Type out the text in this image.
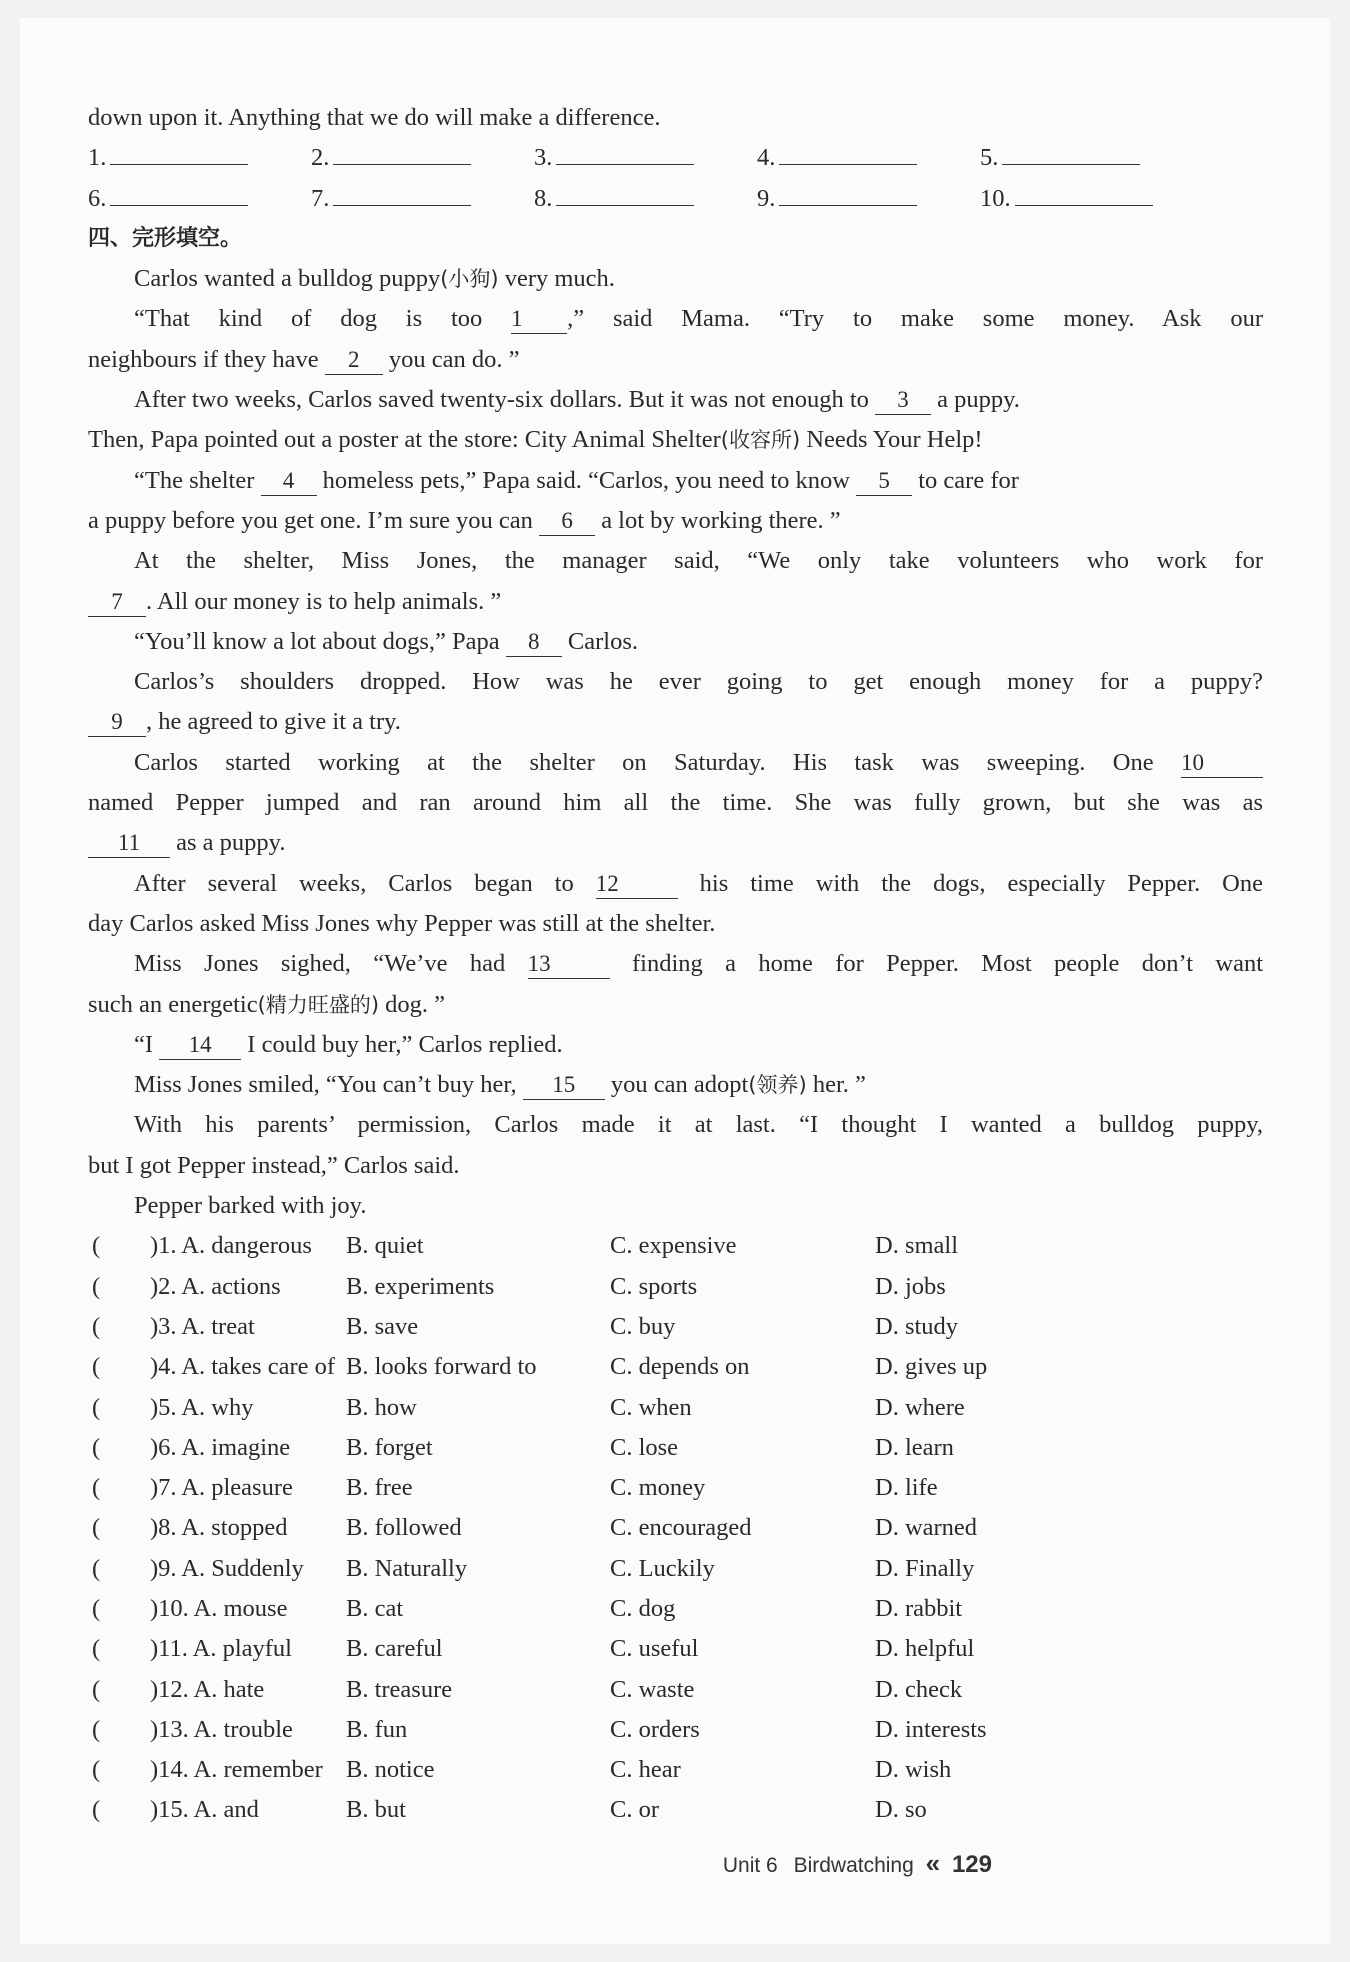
down upon it. Anything that we do will make a difference.
1.	2.	3.	4.	5.
6.	7.	8.	9.	10.
四、完形填空。
Carlos wanted a bulldog puppy(小狗) very much.
“That kind of dog is too 1 ,” said Mama. “Try to make some money. Ask our
neighbours if they have 2 you can do. ”
After two weeks, Carlos saved twenty-six dollars. But it was not enough to 3 a puppy.
Then, Papa pointed out a poster at the store: City Animal Shelter(收容所) Needs Your Help!
“The shelter 4 homeless pets,” Papa said. “Carlos, you need to know 5 to care for
a puppy before you get one. I’m sure you can 6 a lot by working there. ”
At the shelter, Miss Jones, the manager said, “We only take volunteers who work for
7 . All our money is to help animals. ”
“You’ll know a lot about dogs,” Papa 8 Carlos.
Carlos’s shoulders dropped. How was he ever going to get enough money for a puppy?
9 , he agreed to give it a try.
Carlos started working at the shelter on Saturday. His task was sweeping. One 10
named Pepper jumped and ran around him all the time. She was fully grown, but she was as
11 as a puppy.
After several weeks, Carlos began to 12 his time with the dogs, especially Pepper. One
day Carlos asked Miss Jones why Pepper was still at the shelter.
Miss Jones sighed, “We’ve had 13 finding a home for Pepper. Most people don’t want
such an energetic(精力旺盛的) dog. ”
“I 14 I could buy her,” Carlos replied.
Miss Jones smiled, “You can’t buy her, 15 you can adopt(领养) her. ”
With his parents’ permission, Carlos made it at last. “I thought I wanted a bulldog puppy,
but I got Pepper instead,” Carlos said.
Pepper barked with joy.
( )1. A. dangerous	B. quiet	C. expensive	D. small
( )2. A. actions	B. experiments	C. sports	D. jobs
( )3. A. treat	B. save	C. buy	D. study
( )4. A. takes care of B. looks forward to	C. depends on	D. gives up
( )5. A. why	B. how	C. when	D. where
( )6. A. imagine	B. forget	C. lose	D. learn
( )7. A. pleasure	B. free	C. money	D. life
( )8. A. stopped	B. followed	C. encouraged	D. warned
( )9. A. Suddenly	B. Naturally	C. Luckily	D. Finally
( )10. A. mouse	B. cat	C. dog	D. rabbit
( )11. A. playful	B. careful	C. useful	D. helpful
( )12. A. hate	B. treasure	C. waste	D. check
( )13. A. trouble	B. fun	C. orders	D. interests
( )14. A. remember B. notice	C. hear	D. wish
( )15. A. and	B. but	C. or	D. so
Unit 6 Birdwatching « 129
